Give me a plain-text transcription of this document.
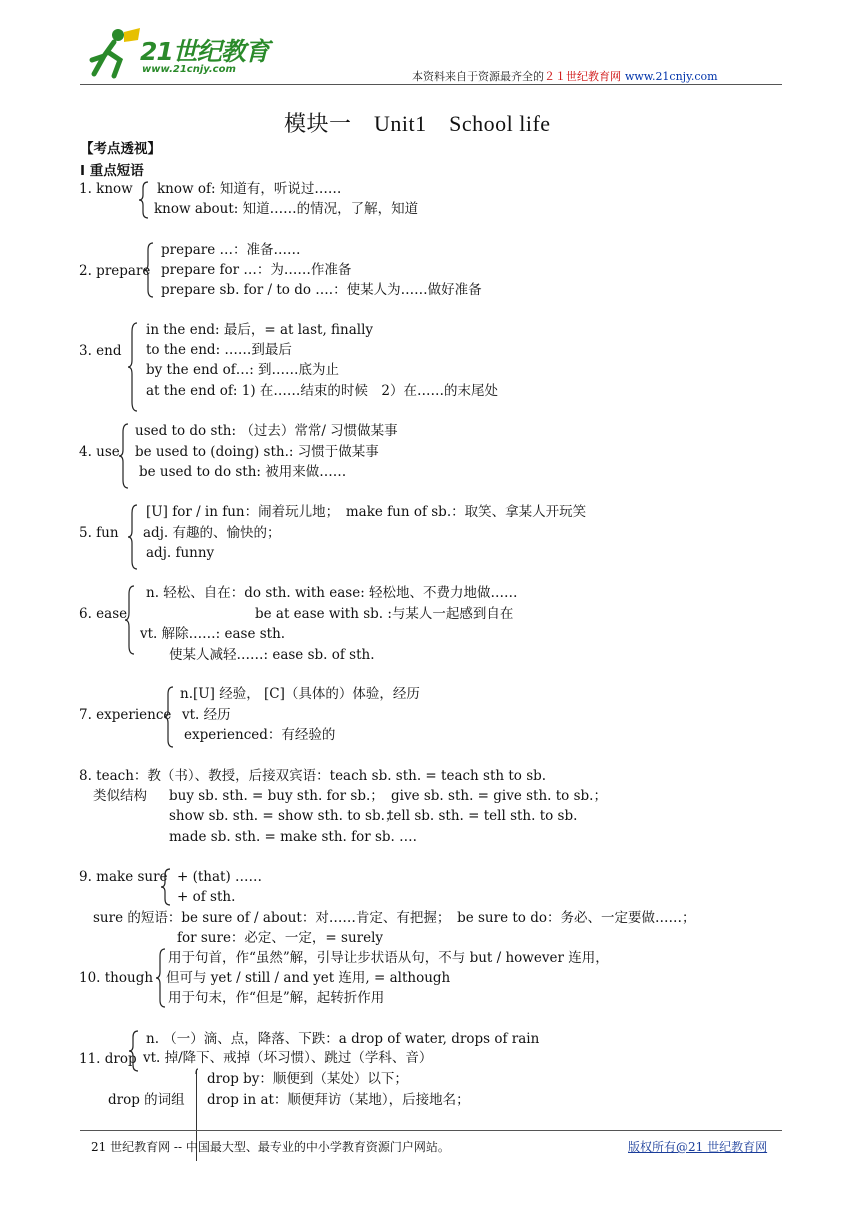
21世纪教育
www.21cnjy.com
本资料来自于资源最齐全的２１世纪教育网 www.21cnjy.com
模块一　Unit1　School life
【考点透视】
I 重点短语
1. know know of: 知道有，听说过……
know about: 知道……的情况，了解，知道
2. prepare
prepare …：准备……
prepare for …：为……作准备
prepare sb. for / to do ….：使某人为……做好准备
3. end
in the end: 最后，= at last, finally
to the end: ……到最后
by the end of…: 到……底为止
at the end of: 1) 在……结束的时候　2）在……的末尾处
4. use
used to do sth: （过去）常常/ 习惯做某事
be used to (doing) sth.: 习惯于做某事
be used to do sth: 被用来做……
5. fun
[U] for / in fun：闹着玩儿地；　make fun of sb.：取笑、拿某人开玩笑
adj. 有趣的、愉快的；
adj. funny
6. ease
n. 轻松、自在：do sth. with ease: 轻松地、不费力地做……
be at ease with sb. :与某人一起感到自在
vt. 解除……: ease sth.
使某人减轻……: ease sb. of sth.
7. experience
n.[U] 经验， [C]（具体的）体验，经历
vt. 经历
experienced：有经验的
8. teach：教（书）、教授，后接双宾语：teach sb. sth. = teach sth to sb.
类似结构 buy sb. sth. = buy sth. for sb.； give sb. sth. = give sth. to sb.；
show sb. sth. = show sth. to sb.；
tell sb. sth. = tell sth. to sb.
made sb. sth. = make sth. for sb. ….
9. make sure + (that) ……
+ of sth.
sure 的短语：be sure of / about：对……肯定、有把握；　be sure to do：务必、一定要做……；
for sure：必定、一定，= surely
10. though
用于句首，作“虽然”解，引导让步状语从句，不与 but / however 连用，
但可与 yet / still / and yet 连用, = although
用于句末，作“但是”解，起转折作用
11. drop
n. （一）滴、点，降落、下跌：a drop of water, drops of rain
vt. 掉/降下、戒掉（坏习惯）、跳过（学科、音）
drop 的词组
drop by：顺便到（某处）以下；
drop in at：顺便拜访（某地），后接地名；
21 世纪教育网 -- 中国最大型、最专业的中小学教育资源门户网站。	版权所有@21 世纪教育网
